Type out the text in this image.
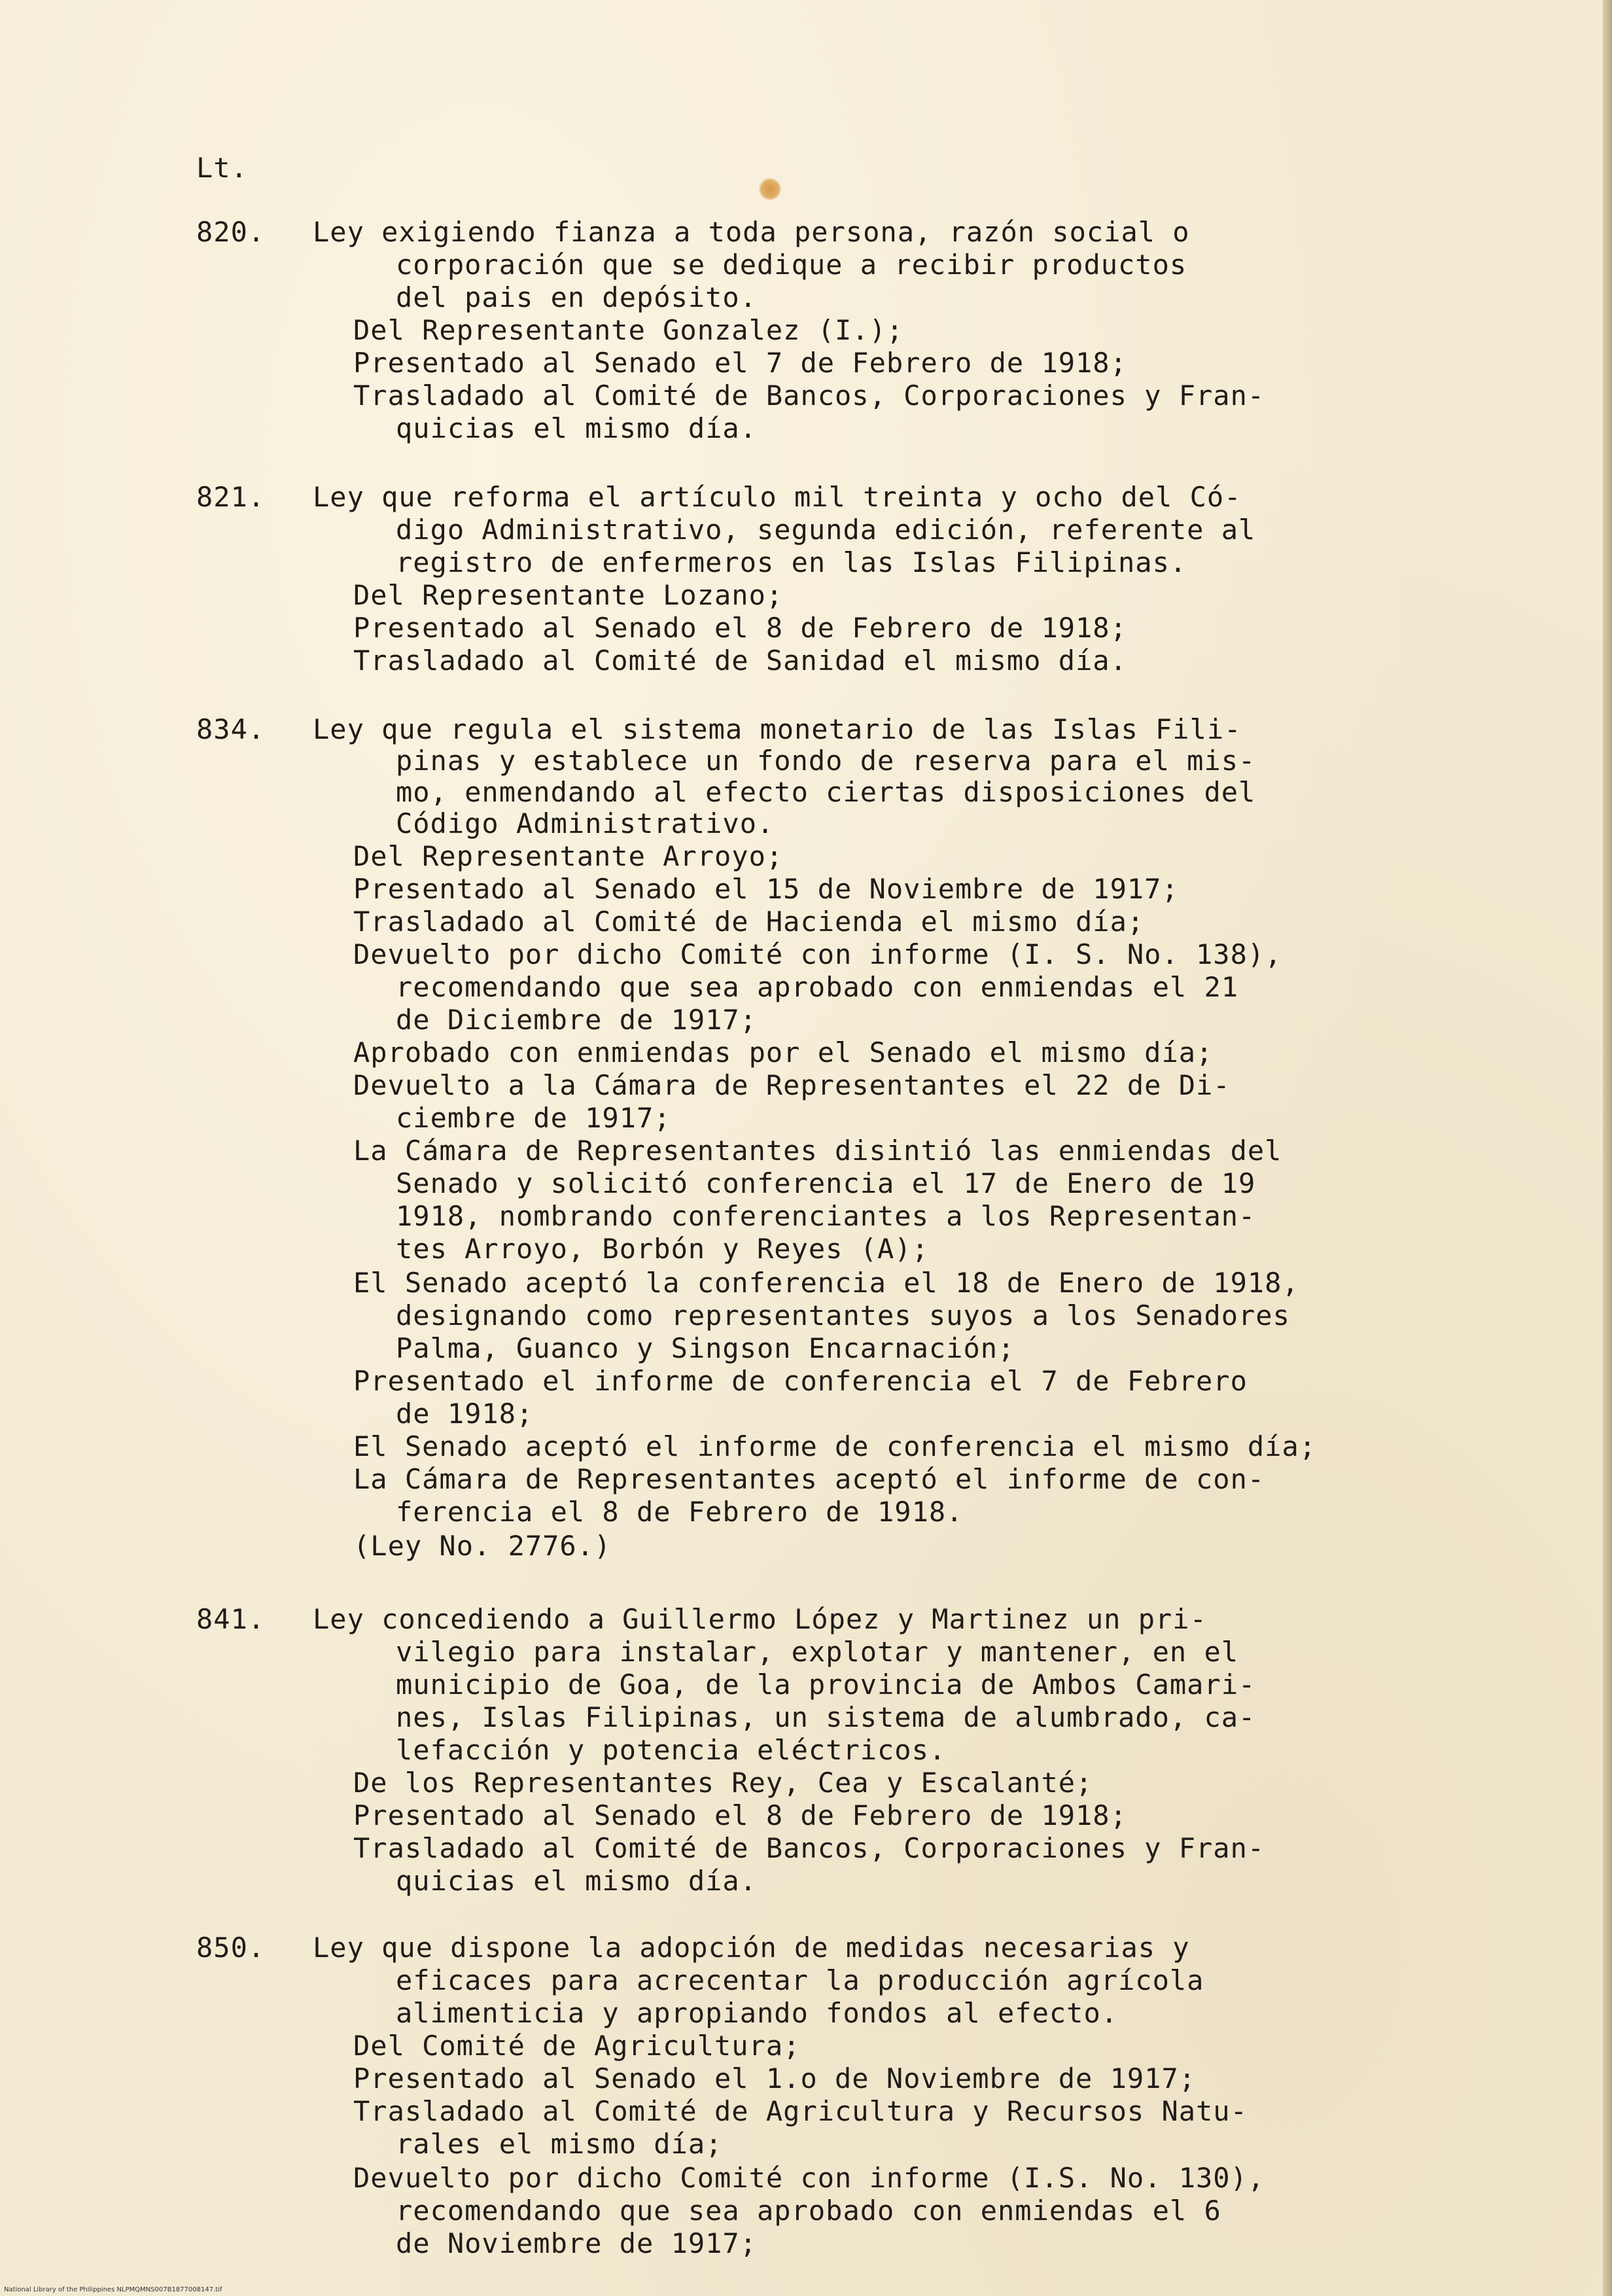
Lt.
820. Ley exigiendo fianza a toda persona, razón social o
corporación que se dedique a recibir productos
del pais en depósito.
Del Representante Gonzalez (I.);
Presentado al Senado el 7 de Febrero de 1918;
Trasladado al Comité de Bancos, Corporaciones y Fran-
quicias el mismo día.
821. Ley que reforma el artículo mil treinta y ocho del Có-
digo Administrativo, segunda edición, referente al
registro de enfermeros en las Islas Filipinas.
Del Representante Lozano;
Presentado al Senado el 8 de Febrero de 1918;
Trasladado al Comité de Sanidad el mismo día.
834. Ley que regula el sistema monetario de las Islas Fili-
pinas y establece un fondo de reserva para el mis-
mo, enmendando al efecto ciertas disposiciones del
Código Administrativo.
Del Representante Arroyo;
Presentado al Senado el 15 de Noviembre de 1917;
Trasladado al Comité de Hacienda el mismo día;
Devuelto por dicho Comité con informe (I. S. No. 138),
recomendando que sea aprobado con enmiendas el 21
de Diciembre de 1917;
Aprobado con enmiendas por el Senado el mismo día;
Devuelto a la Cámara de Representantes el 22 de Di-
ciembre de 1917;
La Cámara de Representantes disintió las enmiendas del
Senado y solicitó conferencia el 17 de Enero de 19
1918, nombrando conferenciantes a los Representan-
tes Arroyo, Borbón y Reyes (A);
El Senado aceptó la conferencia el 18 de Enero de 1918,
designando como representantes suyos a los Senadores
Palma, Guanco y Singson Encarnación;
Presentado el informe de conferencia el 7 de Febrero
de 1918;
El Senado aceptó el informe de conferencia el mismo día;
La Cámara de Representantes aceptó el informe de con-
ferencia el 8 de Febrero de 1918.
(Ley No. 2776.)
841. Ley concediendo a Guillermo López y Martinez un pri-
vilegio para instalar, explotar y mantener, en el
municipio de Goa, de la provincia de Ambos Camari-
nes, Islas Filipinas, un sistema de alumbrado, ca-
lefacción y potencia eléctricos.
De los Representantes Rey, Cea y Escalanté;
Presentado al Senado el 8 de Febrero de 1918;
Trasladado al Comité de Bancos, Corporaciones y Fran-
quicias el mismo día.
850. Ley que dispone la adopción de medidas necesarias y
eficaces para acrecentar la producción agrícola
alimenticia y apropiando fondos al efecto.
Del Comité de Agricultura;
Presentado al Senado el 1.o de Noviembre de 1917;
Trasladado al Comité de Agricultura y Recursos Natu-
rales el mismo día;
Devuelto por dicho Comité con informe (I.S. No. 130),
recomendando que sea aprobado con enmiendas el 6
de Noviembre de 1917;
National Library of the Philippines NLPMQMNS007B1877008147.tif
